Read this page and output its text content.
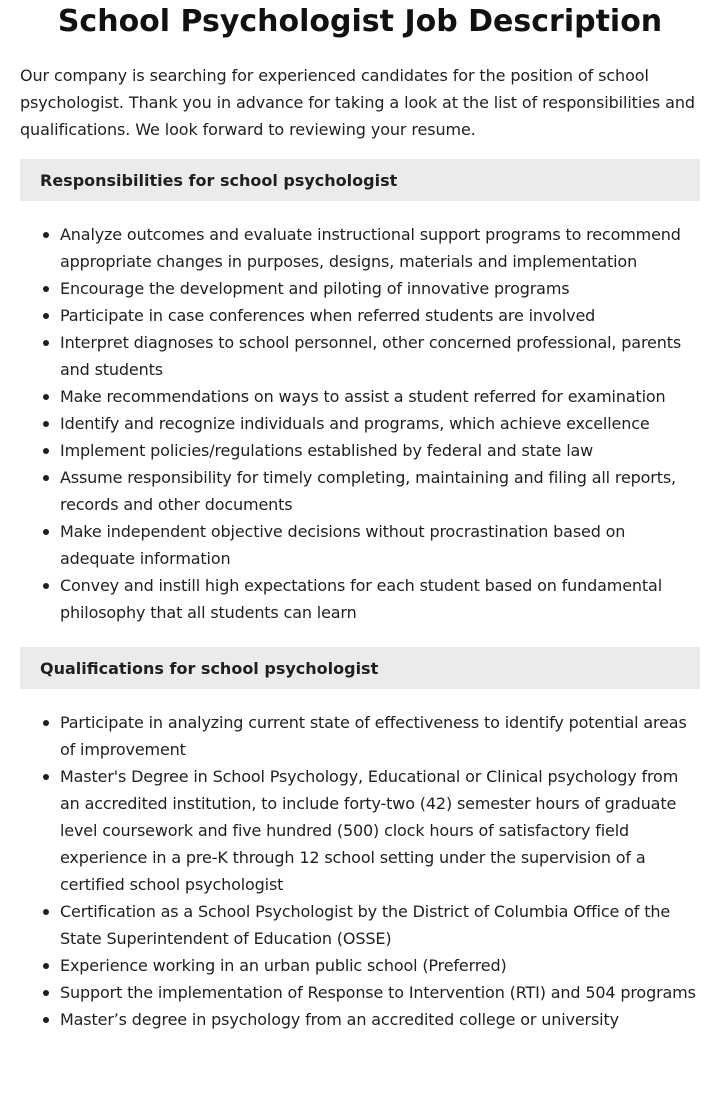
School Psychologist Job Description

Our company is searching for experienced candidates for the position of school psychologist. Thank you in advance for taking a look at the list of responsibilities and qualifications. We look forward to reviewing your resume.

Responsibilities for school psychologist
Analyze outcomes and evaluate instructional support programs to recommend appropriate changes in purposes, designs, materials and implementation
Encourage the development and piloting of innovative programs
Participate in case conferences when referred students are involved
Interpret diagnoses to school personnel, other concerned professional, parents and students
Make recommendations on ways to assist a student referred for examination
Identify and recognize individuals and programs, which achieve excellence
Implement policies/regulations established by federal and state law
Assume responsibility for timely completing, maintaining and filing all reports, records and other documents
Make independent objective decisions without procrastination based on adequate information
Convey and instill high expectations for each student based on fundamental philosophy that all students can learn
Qualifications for school psychologist
Participate in analyzing current state of effectiveness to identify potential areas of improvement
Master's Degree in School Psychology, Educational or Clinical psychology from an accredited institution, to include forty-two (42) semester hours of graduate level coursework and five hundred (500) clock hours of satisfactory field experience in a pre-K through 12 school setting under the supervision of a certified school psychologist
Certification as a School Psychologist by the District of Columbia Office of the State Superintendent of Education (OSSE)
Experience working in an urban public school (Preferred)
Support the implementation of Response to Intervention (RTI) and 504 programs
Master’s degree in psychology from an accredited college or university
